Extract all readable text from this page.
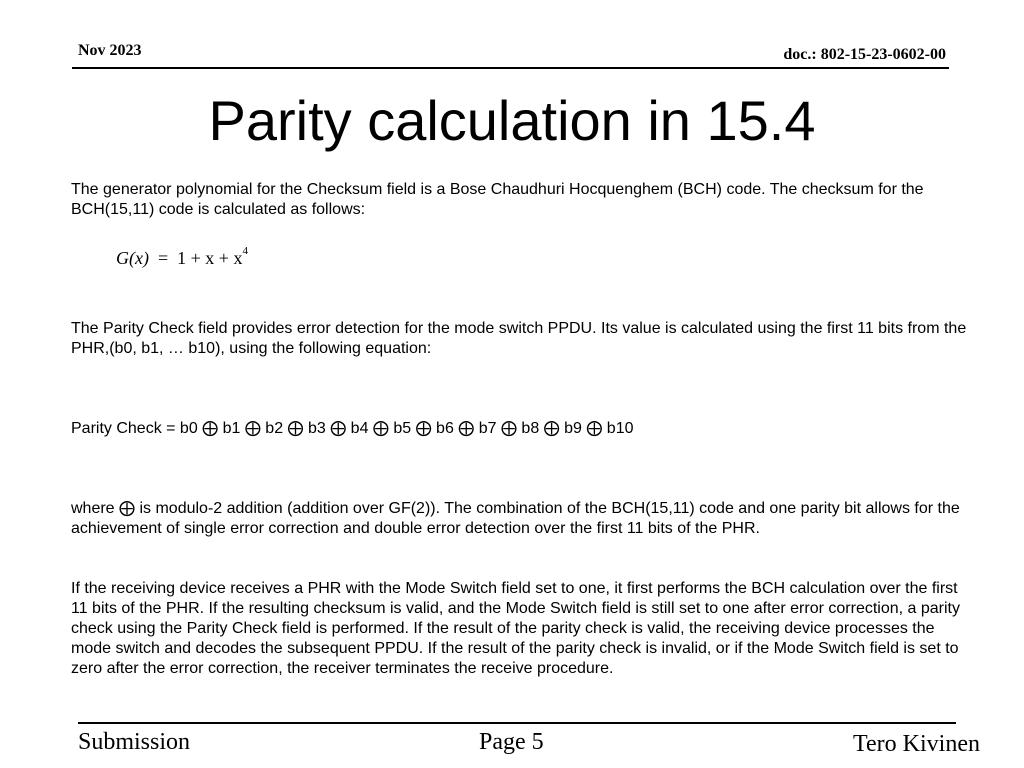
Nov 2023	doc.: 802-15-23-0602-00
Parity calculation in 15.4
The generator polynomial for the Checksum field is a Bose Chaudhuri Hocquenghem (BCH) code. The checksum for the BCH(15,11) code is calculated as follows:
$G(x) = 1 + x + x^4$
The Parity Check field provides error detection for the mode switch PPDU. Its value is calculated using the first 11 bits from the PHR,(b0, b1, … b10), using the following equation:
Parity Check = b0 ⨁ b1 ⨁ b2 ⨁ b3 ⨁ b4 ⨁ b5 ⨁ b6 ⨁ b7 ⨁ b8 ⨁ b9 ⨁ b10
where ⨁ is modulo-2 addition (addition over GF(2)). The combination of the BCH(15,11) code and one parity bit allows for the achievement of single error correction and double error detection over the first 11 bits of the PHR.
If the receiving device receives a PHR with the Mode Switch field set to one, it first performs the BCH calculation over the first 11 bits of the PHR. If the resulting checksum is valid, and the Mode Switch field is still set to one after error correction, a parity check using the Parity Check field is performed. If the result of the parity check is valid, the receiving device processes the mode switch and decodes the subsequent PPDU. If the result of the parity check is invalid, or if the Mode Switch field is set to zero after the error correction, the receiver terminates the receive procedure.
Submission	Page 5	Tero Kivinen
